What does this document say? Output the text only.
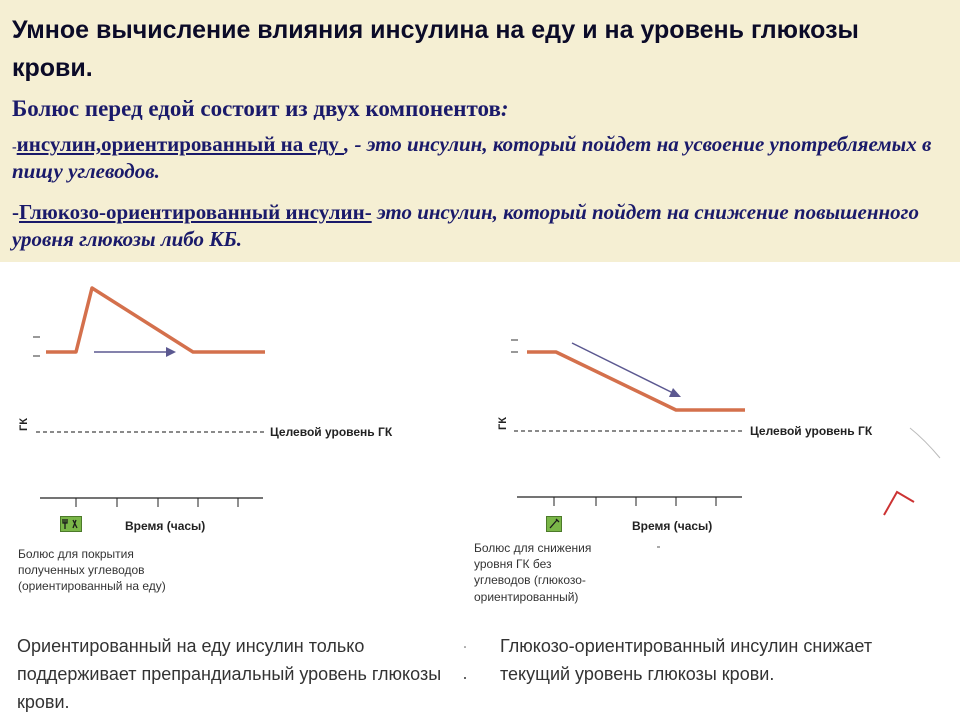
Умное вычисление влияния инсулина на еду и на уровень глюкозы крови.
Болюс перед едой состоит из двух компонентов:
-инсулин,ориентированный на еду , - это инсулин, который пойдет на усвоение употребляемых в пищу углеводов.
-Глюкозо-ориентированный инсулин- это инсулин, который пойдет на снижение повышенного уровня глюкозы либо КБ.
ГК
Целевой уровень ГК
Время (часы)
Болюс для покрытия
полученных углеводов
(ориентированный на еду)
ГК
Целевой уровень ГК
Время (часы)
Болюс для снижения
уровня ГК без
углеводов (глюкозо-
ориентированный)
Ориентированный на еду инсулин только поддерживает препрандиальный уровень глюкозы крови.
Глюкозо-ориентированный инсулин снижает текущий уровень глюкозы крови.
